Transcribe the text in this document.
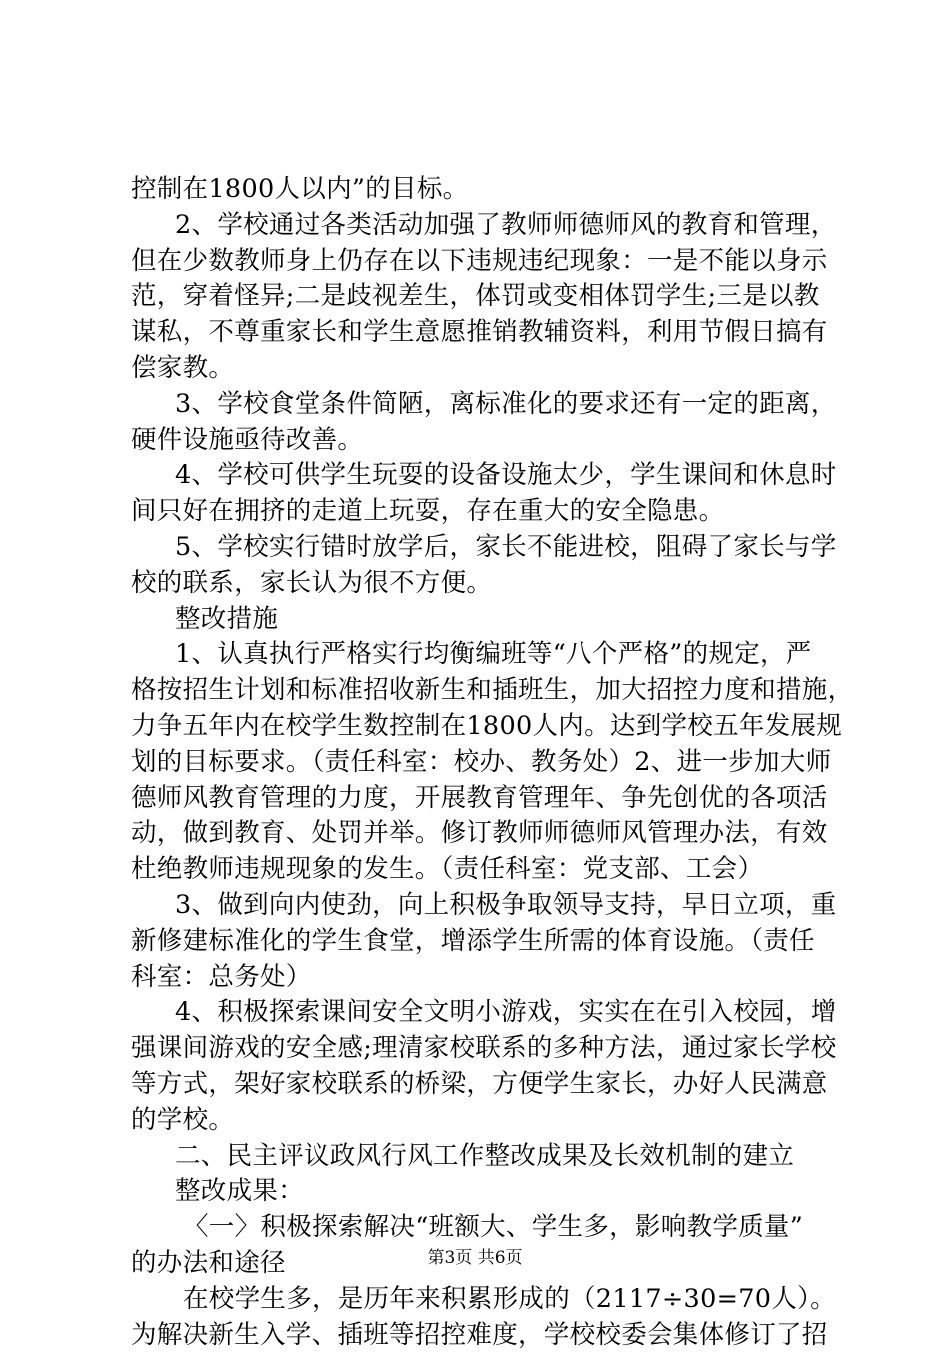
控制在1800人以内”的目标。
2、学校通过各类活动加强了教师师德师风的教育和管理，
但在少数教师身上仍存在以下违规违纪现象：一是不能以身示
范，穿着怪异;二是歧视差生，体罚或变相体罚学生;三是以教
谋私，不尊重家长和学生意愿推销教辅资料，利用节假日搞有
偿家教。
3、学校食堂条件简陋，离标准化的要求还有一定的距离，
硬件设施亟待改善。
4、学校可供学生玩耍的设备设施太少，学生课间和休息时
间只好在拥挤的走道上玩耍，存在重大的安全隐患。
5、学校实行错时放学后，家长不能进校，阻碍了家长与学
校的联系，家长认为很不方便。
整改措施
1、认真执行严格实行均衡编班等“八个严格”的规定，严
格按招生计划和标准招收新生和插班生，加大招控力度和措施，
力争五年内在校学生数控制在1800人内。达到学校五年发展规
划的目标要求。（责任科室：校办、教务处）2、进一步加大师
德师风教育管理的力度，开展教育管理年、争先创优的各项活
动，做到教育、处罚并举。修订教师师德师风管理办法，有效
杜绝教师违规现象的发生。（责任科室：党支部、工会）
3、做到向内使劲，向上积极争取领导支持，早日立项，重
新修建标准化的学生食堂，增添学生所需的体育设施。（责任
科室：总务处）
4、积极探索课间安全文明小游戏，实实在在引入校园，增
强课间游戏的安全感;理清家校联系的多种方法，通过家长学校
等方式，架好家校联系的桥梁，方便学生家长，办好人民满意
的学校。
二、民主评议政风行风工作整改成果及长效机制的建立
整改成果：
〈一〉积极探索解决“班额大、学生多，影响教学质量”
的办法和途径
在校学生多，是历年来积累形成的（2117÷30=70人）。
为解决新生入学、插班等招控难度，学校校委会集体修订了招
第3页 共6页
